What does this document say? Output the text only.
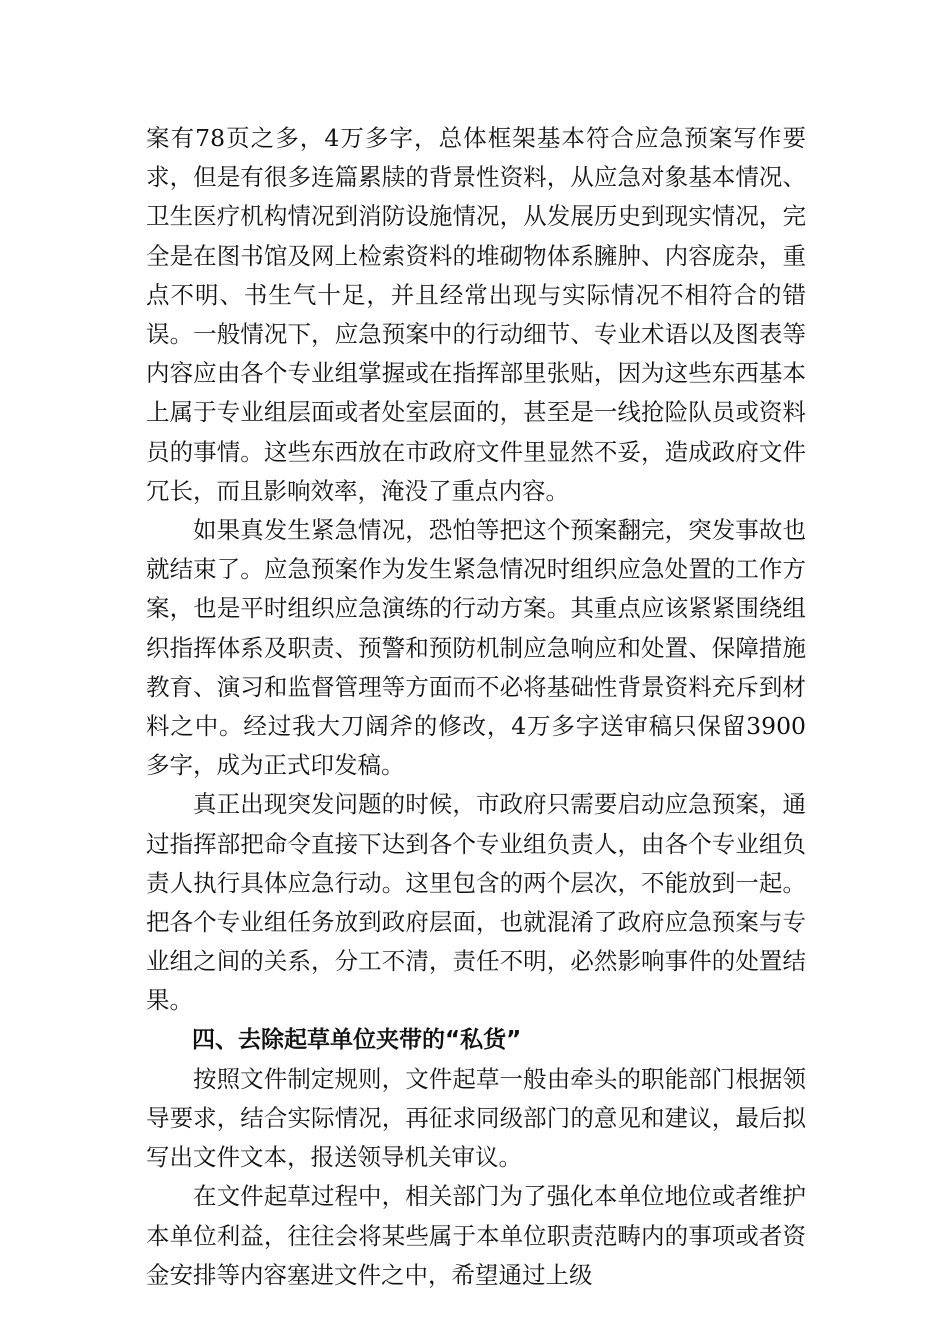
案有78页之多，4万多字，总体框架基本符合应急预案写作要求，但是有很多连篇累牍的背景性资料，从应急对象基本情况、卫生医疗机构情况到消防设施情况，从发展历史到现实情况，完全是在图书馆及网上检索资料的堆砌物体系臃肿、内容庞杂，重点不明、书生气十足，并且经常出现与实际情况不相符合的错误。一般情况下，应急预案中的行动细节、专业术语以及图表等内容应由各个专业组掌握或在指挥部里张贴，因为这些东西基本上属于专业组层面或者处室层面的，甚至是一线抢险队员或资料员的事情。这些东西放在市政府文件里显然不妥，造成政府文件冗长，而且影响效率，淹没了重点内容。

如果真发生紧急情况，恐怕等把这个预案翻完，突发事故也就结束了。应急预案作为发生紧急情况时组织应急处置的工作方案，也是平时组织应急演练的行动方案。其重点应该紧紧围绕组织指挥体系及职责、预警和预防机制应急响应和处置、保障措施教育、演习和监督管理等方面而不必将基础性背景资料充斥到材料之中。经过我大刀阔斧的修改，4万多字送审稿只保留3900多字，成为正式印发稿。

真正出现突发问题的时候，市政府只需要启动应急预案，通过指挥部把命令直接下达到各个专业组负责人，由各个专业组负责人执行具体应急行动。这里包含的两个层次，不能放到一起。把各个专业组任务放到政府层面，也就混淆了政府应急预案与专业组之间的关系，分工不清，责任不明，必然影响事件的处置结果。

四、去除起草单位夹带的“私货”

按照文件制定规则，文件起草一般由牵头的职能部门根据领导要求，结合实际情况，再征求同级部门的意见和建议，最后拟写出文件文本，报送领导机关审议。

在文件起草过程中，相关部门为了强化本单位地位或者维护本单位利益，往往会将某些属于本单位职责范畴内的事项或者资金安排等内容塞进文件之中，希望通过上级
